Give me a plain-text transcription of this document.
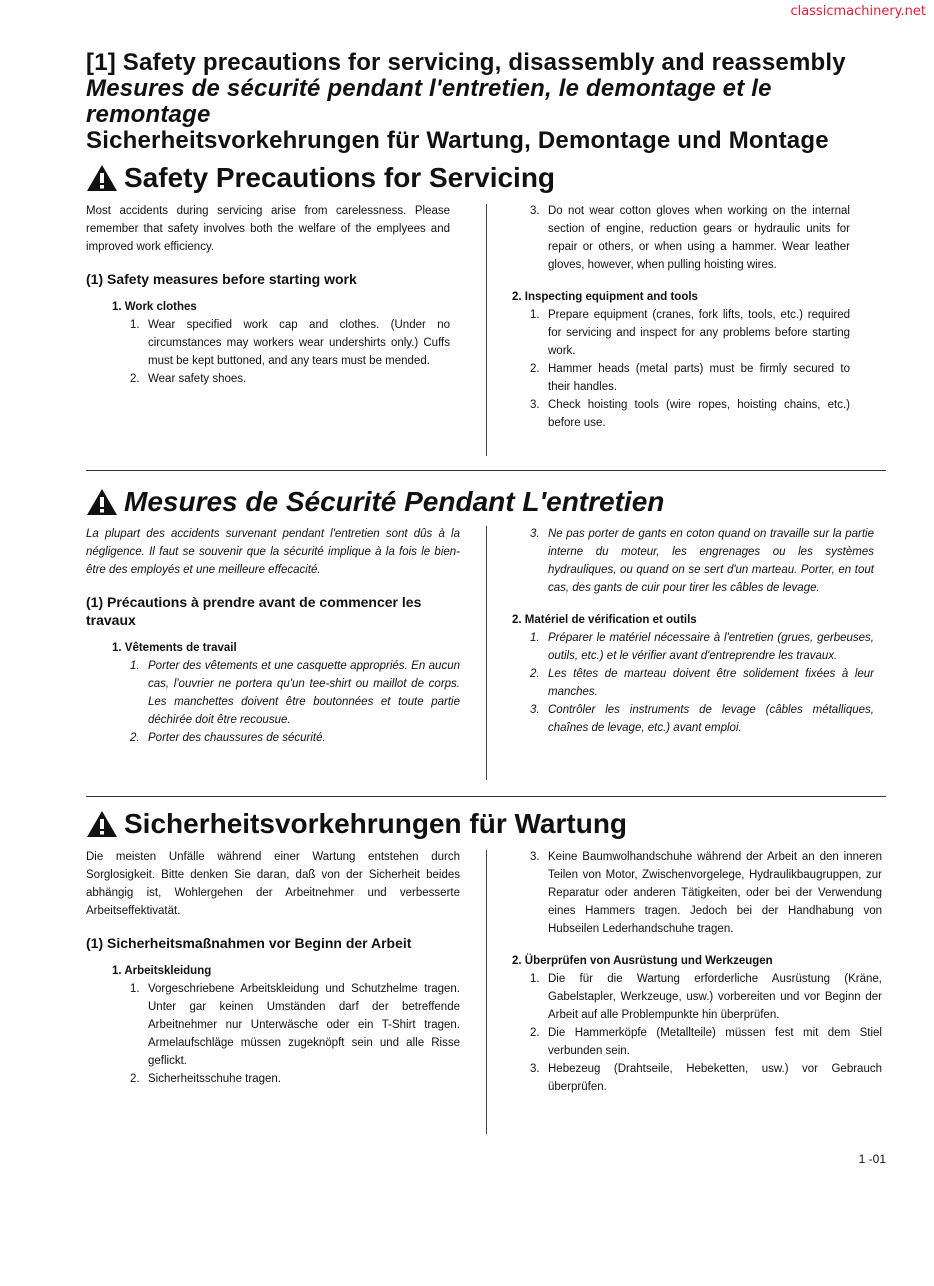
classicmachinery.net
[1] Safety precautions for servicing, disassembly and reassembly
Mesures de sécurité pendant l'entretien, le demontage et le remontage
Sicherheitsvorkehrungen für Wartung, Demontage und Montage
Safety Precautions for Servicing
Most accidents during servicing arise from carelessness. Please remember that safety involves both the welfare of the emplyees and improved work efficiency.
(1) Safety measures before starting work
1. Work clothes
1. Wear specified work cap and clothes. (Under no circumstances may workers wear undershirts only.) Cuffs must be kept buttoned, and any tears must be mended.
2. Wear safety shoes.
3. Do not wear cotton gloves when working on the internal section of engine, reduction gears or hydraulic units for repair or others, or when using a hammer. Wear leather gloves, however, when pulling hoisting wires.
2. Inspecting equipment and tools
1. Prepare equipment (cranes, fork lifts, tools, etc.) required for servicing and inspect for any problems before starting work.
2. Hammer heads (metal parts) must be firmly secured to their handles.
3. Check hoisting tools (wire ropes, hoisting chains, etc.) before use.
Mesures de Sécurité Pendant L'entretien
La plupart des accidents survenant pendant l'entretien sont dûs à la négligence. Il faut se souvenir que la sécurité implique à la fois le bien-être des employés et une meilleure effecacité.
(1) Précautions à prendre avant de commencer les travaux
1. Vêtements de travail
1. Porter des vêtements et une casquette appropriés. En aucun cas, l'ouvrier ne portera qu'un tee-shirt ou maillot de corps. Les manchettes doivent être boutonnées et toute partie déchirée doit être recousue.
2. Porter des chaussures de sécurité.
3. Ne pas porter de gants en coton quand on travaille sur la partie interne du moteur, les engrenages ou les systèmes hydrauliques, ou quand on se sert d'un marteau. Porter, en tout cas, des gants de cuir pour tirer les câbles de levage.
2. Matériel de vérification et outils
1. Préparer le matériel nécessaire à l'entretien (grues, gerbeuses, outils, etc.) et le vérifier avant d'entreprendre les travaux.
2. Les têtes de marteau doivent être solidement fixées à leur manches.
3. Contrôler les instruments de levage (câbles métalliques, chaînes de levage, etc.) avant emploi.
Sicherheitsvorkehrungen für Wartung
Die meisten Unfälle während einer Wartung entstehen durch Sorglosigkeit. Bitte denken Sie daran, daß von der Sicherheit beides abhängig ist, Wohlergehen der Arbeitnehmer und verbesserte Arbeitseffektivatät.
(1) Sicherheitsmaßnahmen vor Beginn der Arbeit
1. Arbeitskleidung
1. Vorgeschriebene Arbeitskleidung und Schutzhelme tragen. Unter gar keinen Umständen darf der betreffende Arbeitnehmer nur Unterwäsche oder ein T-Shirt tragen. Armelaufschläge müssen zugeknöpft sein und alle Risse geflickt.
2. Sicherheitsschuhe tragen.
3. Keine Baumwolhandschuhe während der Arbeit an den inneren Teilen von Motor, Zwischenvorgelege, Hydraulikbaugruppen, zur Reparatur oder anderen Tätigkeiten, oder bei der Verwendung eines Hammers tragen. Jedoch bei der Handhabung von Hubseilen Lederhandschuhe tragen.
2. Überprüfen von Ausrüstung und Werkzeugen
1. Die für die Wartung erforderliche Ausrüstung (Kräne, Gabelstapler, Werkzeuge, usw.) vorbereiten und vor Beginn der Arbeit auf alle Problempunkte hin überprüfen.
2. Die Hammerköpfe (Metallteile) müssen fest mit dem Stiel verbunden sein.
3. Hebezeug (Drahtseile, Hebeketten, usw.) vor Gebrauch überprüfen.
1 -01
